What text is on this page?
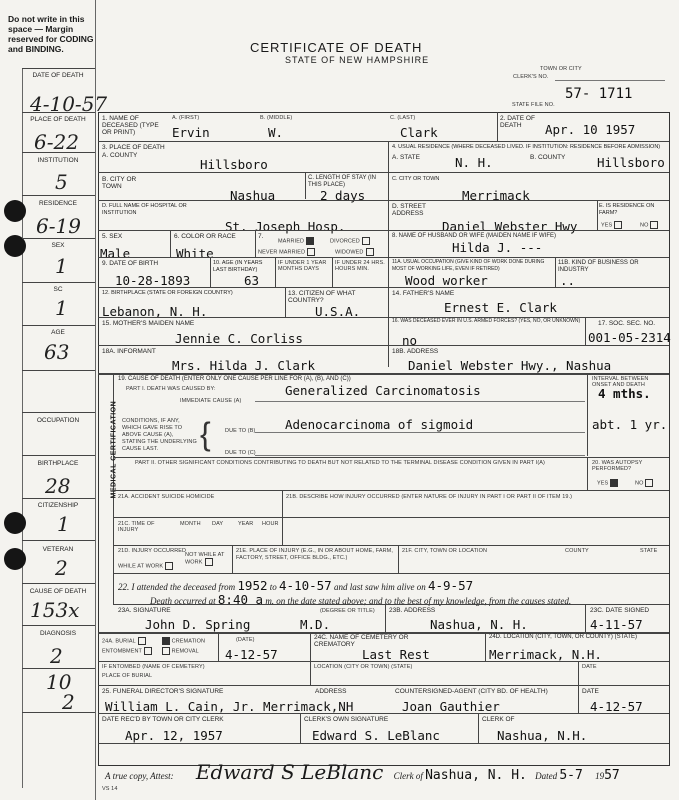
Do not write in this space — Margin reserved for CODING and BINDING.
DATE OF DEATH
4-10-57
PLACE OF DEATH
6-22
INSTITUTION
5
RESIDENCE
6-19
SEX
1
SC
1
AGE
63
OCCUPATION
BIRTHPLACE
28
CITIZENSHIP
1
VETERAN
2
CAUSE OF DEATH
153x
DIAGNOSIS
2
10
2
CERTIFICATE OF DEATH
STATE OF NEW HAMPSHIRE
TOWN OR CITY
CLERK'S NO.
STATE FILE NO.
57- 1711
1. NAME OF DECEASED (TYPE OR PRINT)
A. (FIRST)	B. (MIDDLE)	C. (LAST)
Ervin	W.	Clark
2. DATE OF DEATH	Apr. 10 1957
3. PLACE OF DEATH
A. COUNTY
Hillsboro
4. USUAL RESIDENCE (WHERE DECEASED LIVED. IF INSTITUTION: RESIDENCE BEFORE ADMISSION)
A. STATE	N. H.	B. COUNTY	Hillsboro
B. CITY OR TOWN
Nashua
C. LENGTH OF STAY (IN THIS PLACE)
2 days
C. CITY OR TOWN
Merrimack
D. FULL NAME OF HOSPITAL OR INSTITUTION
St. Joseph Hosp.
D. STREET ADDRESS
Daniel Webster Hwy
E. IS RESIDENCE ON FARM?
YES	NO
5. SEX
Male
6. COLOR OR RACE
White
7.
MARRIED	DIVORCED
NEVER MARRIED	WIDOWED
8. NAME OF HUSBAND OR WIFE (MAIDEN NAME IF WIFE)
Hilda J. ---
9. DATE OF BIRTH
10-28-1893
10. AGE (IN YEARS LAST BIRTHDAY)
63
IF UNDER 1 YEAR MONTHS DAYS
IF UNDER 24 HRS. HOURS MIN.
11A. USUAL OCCUPATION (GIVE KIND OF WORK DONE DURING MOST OF WORKING LIFE, EVEN IF RETIRED)
Wood worker
11B. KIND OF BUSINESS OR INDUSTRY
..
12. BIRTHPLACE (STATE OR FOREIGN COUNTRY)
Lebanon, N. H.
13. CITIZEN OF WHAT COUNTRY?
U.S.A.
14. FATHER'S NAME
Ernest E. Clark
15. MOTHER'S MAIDEN NAME
Jennie C. Corliss
16. WAS DECEASED EVER IN U.S. ARMED FORCES? (YES, NO, OR UNKNOWN)
no
17. SOC. SEC. NO.
001-05-2314
18A. INFORMANT
Mrs. Hilda J. Clark
18B. ADDRESS
Daniel Webster Hwy., Nashua
MEDICAL CERTIFICATION
19. CAUSE OF DEATH (ENTER ONLY ONE CAUSE PER LINE FOR (A), (B), AND (C))
PART I. DEATH WAS CAUSED BY:
IMMEDIATE CAUSE (A)
Generalized Carcinomatosis
INTERVAL BETWEEN ONSET AND DEATH
4 mths.
CONDITIONS, IF ANY, WHICH GAVE RISE TO ABOVE CAUSE (A), STATING THE UNDERLYING CAUSE LAST.	{	DUE TO (B) Adenocarcinoma of sigmoid	abt. 1 yr.
DUE TO (C)
PART II. OTHER SIGNIFICANT CONDITIONS CONTRIBUTING TO DEATH BUT NOT RELATED TO THE TERMINAL DISEASE CONDITION GIVEN IN PART I(A)	20. WAS AUTOPSY PERFORMED?
YES	NO
21A. ACCIDENT SUICIDE HOMICIDE	21B. DESCRIBE HOW INJURY OCCURRED (ENTER NATURE OF INJURY IN PART I OR PART II OF ITEM 19.)
21C. TIME OF INJURY
MONTH DAY	YEAR HOUR
21D. INJURY OCCURRED
WHILE AT WORK
NOT WHILE AT WORK
21E. PLACE OF INJURY (E.G., IN OR ABOUT HOME, FARM, FACTORY, STREET, OFFICE BLDG., ETC.)
21F. CITY, TOWN OR LOCATION	COUNTY	STATE
22. I attended the deceased from 1952 to 4-10-57 and last saw him alive on 4-9-57
Death occurred at 8:40 a m. on the date stated above; and to the best of my knowledge, from the causes stated.
23A. SIGNATURE	(DEGREE OR TITLE)
John D. Spring	M.D.
23B. ADDRESS
Nashua, N. H.
23C. DATE SIGNED
4-11-57
24A. BURIAL	CREMATION
ENTOMBMENT	REMOVAL
(DATE)
4-12-57
24C. NAME OF CEMETERY OR CREMATORY
Last Rest
24D. LOCATION (CITY, TOWN, OR COUNTY) (STATE)
Merrimack, N.H.
IF ENTOMBED (NAME OF CEMETERY)
PLACE OF BURIAL
LOCATION (CITY OR TOWN) (STATE)	DATE
25. FUNERAL DIRECTOR'S SIGNATURE	ADDRESS
William L. Cain, Jr. Merrimack,NH
COUNTERSIGNED-AGENT (CITY BD. OF HEALTH)
Joan Gauthier
DATE
4-12-57
DATE REC'D BY TOWN OR CITY CLERK
Apr. 12, 1957
CLERK'S OWN SIGNATURE
Edward S. LeBlanc
CLERK OF
Nashua, N.H.
A true copy, Attest: Edward S LeBlanc Clerk of Nashua, N. H. Dated 5-7 1957
VS 14
